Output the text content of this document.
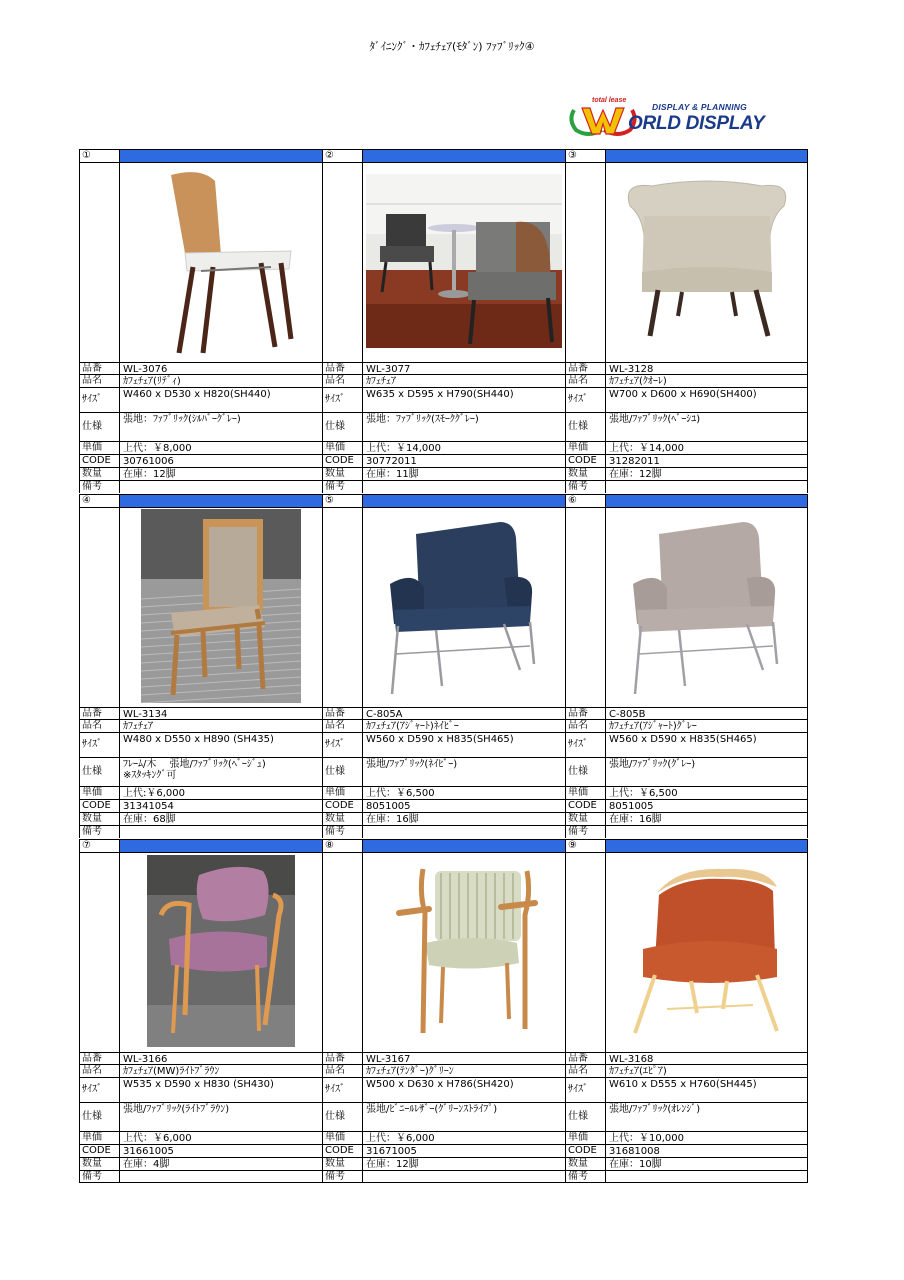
ﾀﾞｲﾆﾝｸﾞ・ｶﾌｪﾁｪｱ(ﾓﾀﾞﾝ) ﾌｧﾌﾞﾘｯｸ④
total lease
DISPLAY & PLANNING
ORLD DISPLAY
①
品番	WL-3076
品名	ｶﾌｪﾁｪｱ(ﾘﾃﾞｨ)
ｻｲｽﾞ W460 x D530 x H820(SH440)
仕様
張地：ﾌｧﾌﾞﾘｯｸ(ｼﾙﾊﾞｰｸﾞﾚｰ)
単価	上代：￥8,000
CODE	30761006
数量	在庫：12脚
備考
②
品番	WL-3077
品名	ｶﾌｪﾁｪｱ
ｻｲｽﾞ W635 x D595 x H790(SH440)
仕様
張地：ﾌｧﾌﾞﾘｯｸ(ｽﾓｰｸｸﾞﾚｰ)
単価	上代：￥14,000
CODE	30772011
数量	在庫：11脚
備考
③
品番	WL-3128
品名	ｶﾌｪﾁｪｱ(ｸｵｰﾚ)
ｻｲｽﾞ W700 x D600 x H690(SH400)
仕様
張地/ﾌｧﾌﾞﾘｯｸ(ﾍﾞｰｼﾕ)
単価	上代：￥14,000
CODE	31282011
数量	在庫：12脚
備考
④
品番	WL-3134
品名	ｶﾌｪﾁｪｱ
ｻｲｽﾞ W480 x D550 x H890 (SH435)
仕様
ﾌﾚｰﾑ/木　 張地/ﾌｧﾌﾞﾘｯｸ(ﾍﾞｰｼﾞｭ)
※ｽﾀｯｷﾝｸﾞ可
単価	上代:￥6,000
CODE	31341054
数量	在庫：68脚
備考
⑤
品番	C-805A
品名	ｶﾌｪﾁｪｱ(ｱｼﾞｬｰﾄ)ﾈｲﾋﾞｰ
ｻｲｽﾞ W560 x D590 x H835(SH465)
仕様
張地/ﾌｧﾌﾞﾘｯｸ(ﾈｲﾋﾞｰ)
単価	上代：￥6,500
CODE	8051005
数量	在庫：16脚
備考
⑥
品番	C-805B
品名	ｶﾌｪﾁｪｱ(ｱｼﾞｬｰﾄ)ｸﾞﾚｰ
ｻｲｽﾞ W560 x D590 x H835(SH465)
仕様
張地/ﾌｧﾌﾞﾘｯｸ(ｸﾞﾚｰ)
単価	上代：￥6,500
CODE	8051005
数量	在庫：16脚
備考
⑦
品番	WL-3166
品名	ｶﾌｪﾁｪｱ(MW)ﾗｲﾄﾌﾞﾗｳﾝ
ｻｲｽﾞ W535 x D590 x H830 (SH430)
仕様
張地/ﾌｧﾌﾞﾘｯｸ(ﾗｲﾄﾌﾞﾗｳﾝ)
単価	上代：￥6,000
CODE	31661005
数量	在庫：4脚
備考
⑧
品番	WL-3167
品名	ｶﾌｪﾁｪｱ(ﾃﾝﾀﾞｰ)ｸﾞﾘｰﾝ
ｻｲｽﾞ W500 x D630 x H786(SH420)
仕様
張地/ﾋﾞﾆｰﾙﾚｻﾞｰ(ｸﾞﾘｰﾝｽﾄﾗｲﾌﾟ)
単価	上代：￥6,000
CODE	31671005
数量	在庫：12脚
備考
⑨
品番	WL-3168
品名	ｶﾌｪﾁｪｱ(ｴﾋﾟｱ)
ｻｲｽﾞ W610 x D555 x H760(SH445)
仕様
張地/ﾌｧﾌﾞﾘｯｸ(ｵﾚﾝｼﾞ)
単価	上代：￥10,000
CODE	31681008
数量	在庫：10脚
備考
